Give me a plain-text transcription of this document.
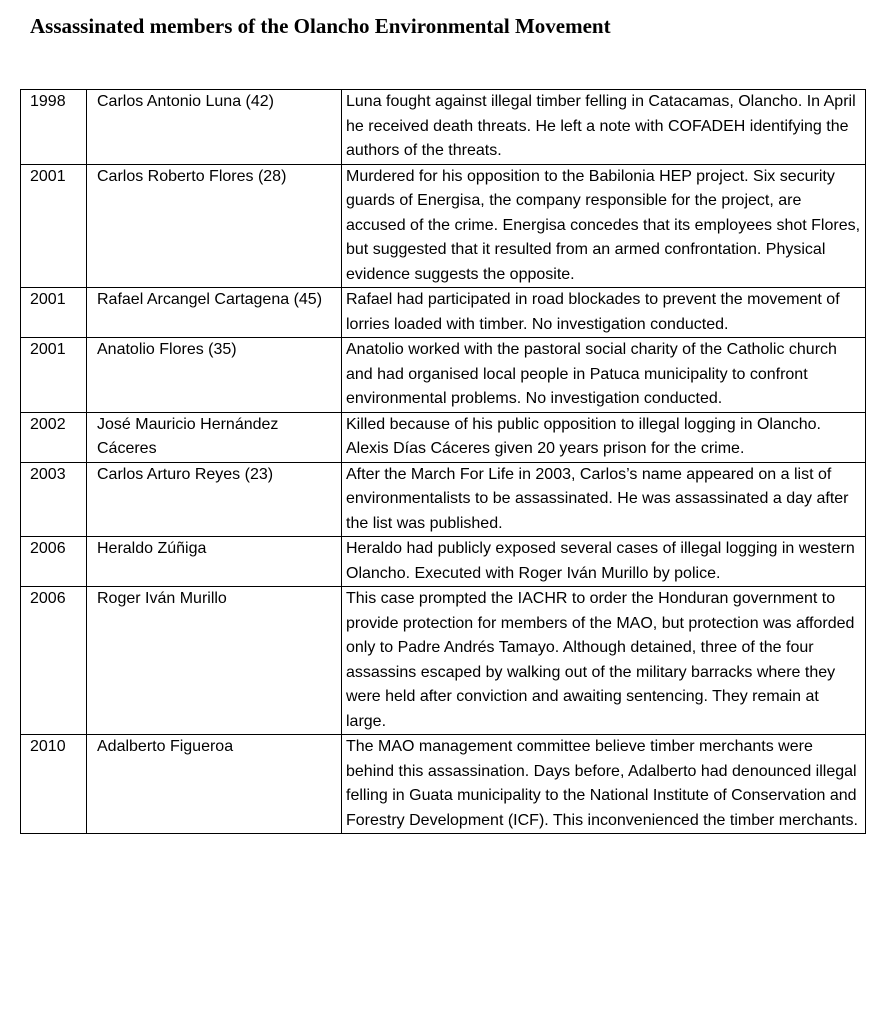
Assassinated members of the Olancho Environmental Movement
1998	Carlos Antonio Luna (42)	Luna fought against illegal timber felling in Catacamas, Olancho. In April he received death threats. He left a note with COFADEH identifying the authors of the threats.
2001	Carlos Roberto Flores (28)	Murdered for his opposition to the Babilonia HEP project. Six security guards of Energisa, the company responsible for the project, are accused of the crime. Energisa concedes that its employees shot Flores, but suggested that it resulted from an armed confrontation. Physical evidence suggests the opposite.
2001	Rafael Arcangel Cartagena (45)	Rafael had participated in road blockades to prevent the movement of lorries loaded with timber. No investigation conducted.
2001	Anatolio Flores (35)	Anatolio worked with the pastoral social charity of the Catholic church and had organised local people in Patuca municipality to confront environmental problems. No investigation conducted.
2002	José Mauricio Hernández Cáceres	Killed because of his public opposition to illegal logging in Olancho. Alexis Días Cáceres given 20 years prison for the crime.
2003	Carlos Arturo Reyes (23)	After the March For Life in 2003, Carlos’s name appeared on a list of environmentalists to be assassinated. He was assassinated a day after the list was published.
2006	Heraldo Zúñiga	Heraldo had publicly exposed several cases of illegal logging in western Olancho. Executed with Roger Iván Murillo by police.
2006	Roger Iván Murillo	This case prompted the IACHR to order the Honduran government to provide protection for members of the MAO, but protection was afforded only to Padre Andrés Tamayo. Although detained, three of the four assassins escaped by walking out of the military barracks where they were held after conviction and awaiting sentencing. They remain at large.
2010	Adalberto Figueroa	The MAO management committee believe timber merchants were behind this assassination. Days before, Adalberto had denounced illegal felling in Guata municipality to the National Institute of Conservation and Forestry Development (ICF). This inconvenienced the timber merchants.
